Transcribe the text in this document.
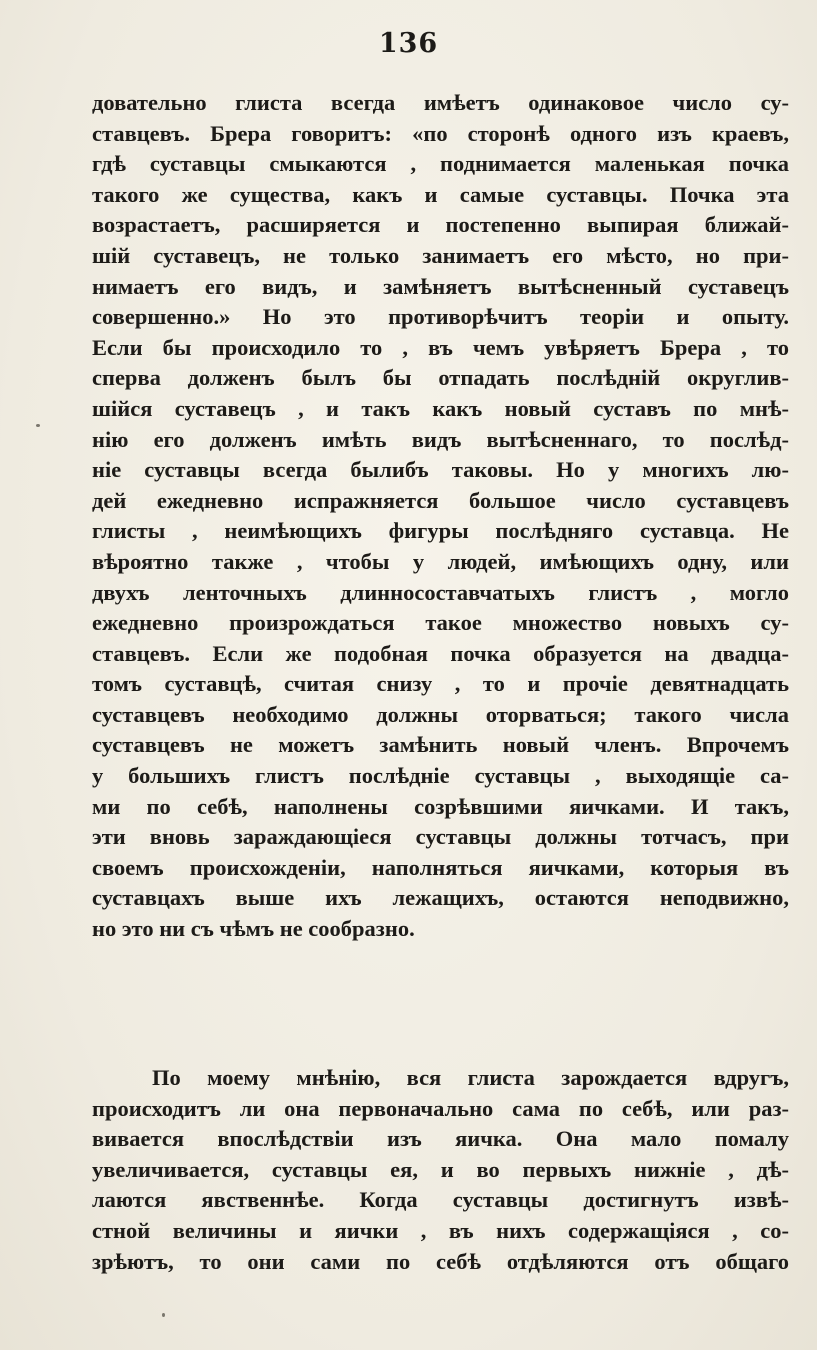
136
довательно глиста всегда имѣетъ одинаковое число су-
ставцевъ. Брера говоритъ: «по сторонѣ одного изъ краевъ,
гдѣ суставцы смыкаются , поднимается маленькая почка
такого же существа, какъ и самые суставцы. Почка эта
возрастаетъ, расширяется и постепенно выпирая ближай-
шій суставецъ, не только занимаетъ его мѣсто, но при-
нимаетъ его видъ, и замѣняетъ вытѣсненный суставецъ
совершенно.» Но это противорѣчитъ теоріи и опыту.
Если бы происходило то , въ чемъ увѣряетъ Брера , то
сперва долженъ былъ бы отпадать послѣдній округлив-
шійся суставецъ , и такъ какъ новый суставъ по мнѣ-
нію его долженъ имѣть видъ вытѣсненнаго, то послѣд-
ніе суставцы всегда былибъ таковы. Но у многихъ лю-
дей ежедневно испражняется большое число суставцевъ
глисты , неимѣющихъ фигуры послѣдняго суставца. Не
вѣроятно также , чтобы у людей, имѣющихъ одну, или
двухъ ленточныхъ длинносоставчатыхъ глистъ , могло
ежедневно произрождаться такое множество новыхъ су-
ставцевъ. Если же подобная почка образуется на двадца-
томъ суставцѣ, считая снизу , то и прочіе девятнадцать
суставцевъ необходимо должны оторваться; такого числа
суставцевъ не можетъ замѣнить новый членъ. Впрочемъ
у большихъ глистъ послѣдніе суставцы , выходящіе са-
ми по себѣ, наполнены созрѣвшими яичками. И такъ,
эти вновь зараждающіеся суставцы должны тотчасъ, при
своемъ происхожденіи, наполняться яичками, которыя въ
суставцахъ выше ихъ лежащихъ, остаются неподвижно,
но это ни съ чѣмъ не сообразно.
По моему мнѣнію, вся глиста зарождается вдругъ,
происходитъ ли она первоначально сама по себѣ, или раз-
вивается впослѣдствіи изъ яичка. Она мало помалу
увеличивается, суставцы ея, и во первыхъ нижніе , дѣ-
лаются явственнѣе. Когда суставцы достигнутъ извѣ-
стной величины и яички , въ нихъ содержащіяся , со-
зрѣютъ, то они сами по себѣ отдѣляются отъ общаго
